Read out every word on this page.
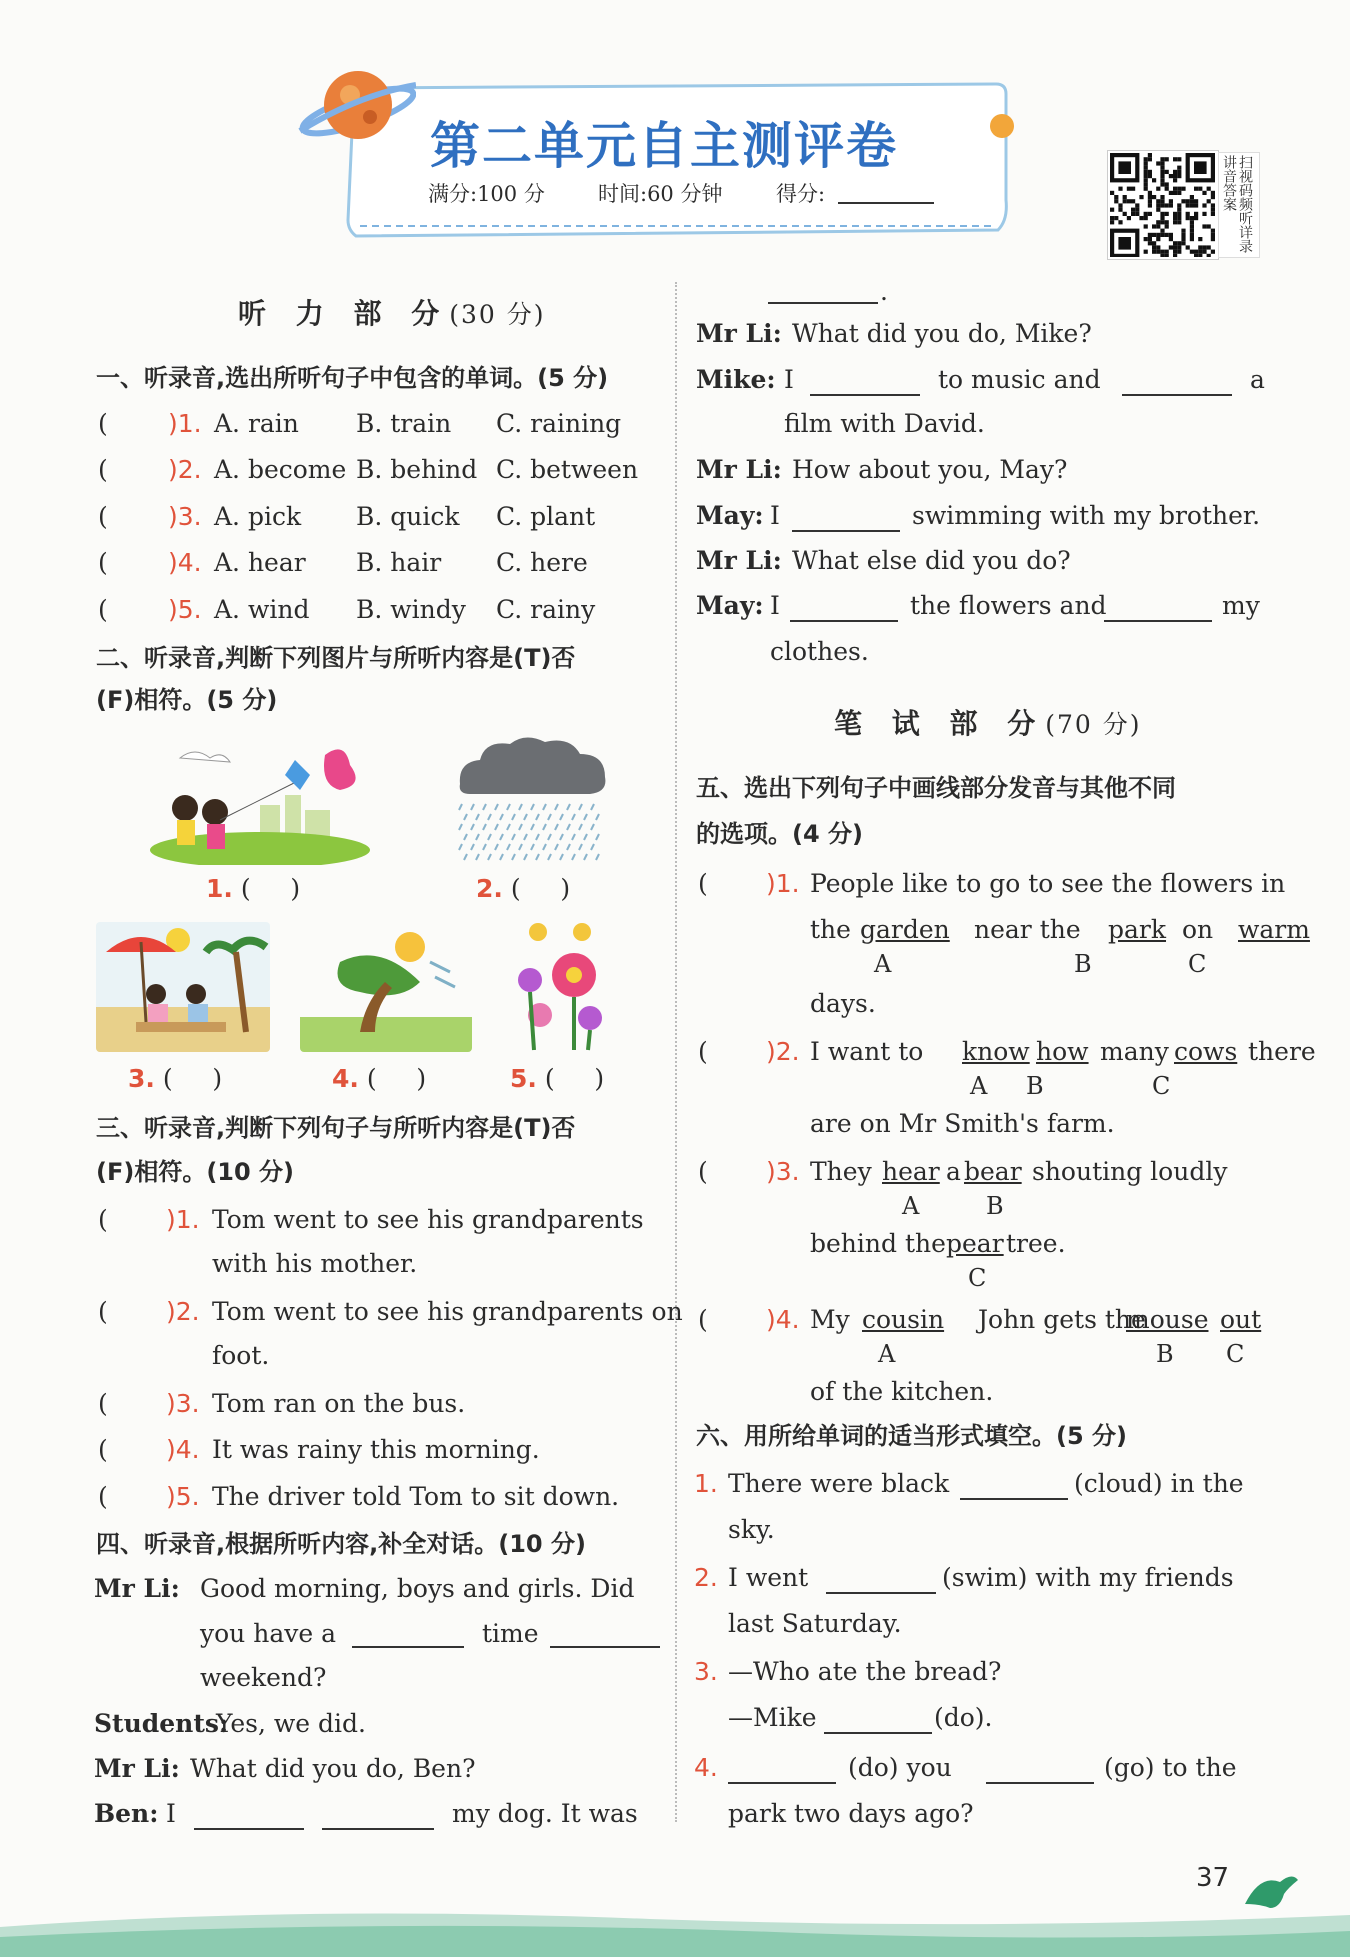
第二单元自主测评卷
满分:100 分	时间:60 分钟	得分:	扫视码频听详录讲音答案
听 力 部 分(30 分)
一、听录音,选出所听句子中包含的单词。(5 分)
( )1. A. rain B. train C. raining
( )2. A. become B. behind C. between
( )3. A. pick B. quick C. plant
( )4. A. hear B. hair C. here
( )5. A. wind B. windy C. rainy
二、听录音,判断下列图片与所听内容是(T)否
(F)相符。(5 分)
1. (     )	2. (     )
3. (     )	4. (     )	5. (     )
三、听录音,判断下列句子与所听内容是(T)否
(F)相符。(10 分)
( )1. Tom went to see his grandparents
with his mother.
( )2. Tom went to see his grandparents on
foot.
( )3. Tom ran on the bus.
( )4. It was rainy this morning.
( )5. The driver told Tom to sit down.
四、听录音,根据所听内容,补全对话。(10 分)
Mr Li: Good morning, boys and girls. Did
you have a	time
weekend?
Students:
Yes, we did.
Mr Li: What did you do, Ben?
Ben: I	my dog. It was
.
Mr Li: What did you do, Mike?
Mike: I	to music and	a
film with David.
Mr Li: How about you, May?
May: I	swimming with my brother.
Mr Li: What else did you do?
May: I	the flowers and	my
clothes.
笔 试 部 分(70 分)
五、选出下列句子中画线部分发音与其他不同
的选项。(4 分)
( )1. People like to go to see the flowers in
the garden near the park on warm
A	B	C
days.
( )2. I want to know how many cows there
A B	C
are on Mr Smith's farm.
( )3. They hear a bear shouting loudly
A	B
behind the pear tree.
C
( )4. My cousin John gets the
mouse out
A	B C
of the kitchen.
六、用所给单词的适当形式填空。(5 分)
1. There were black	(cloud) in the
sky.
2. I went	(swim) with my friends
last Saturday.
3. —Who ate the bread?
—Mike	(do).
4.	(do) you	(go) to the
park two days ago?
37
